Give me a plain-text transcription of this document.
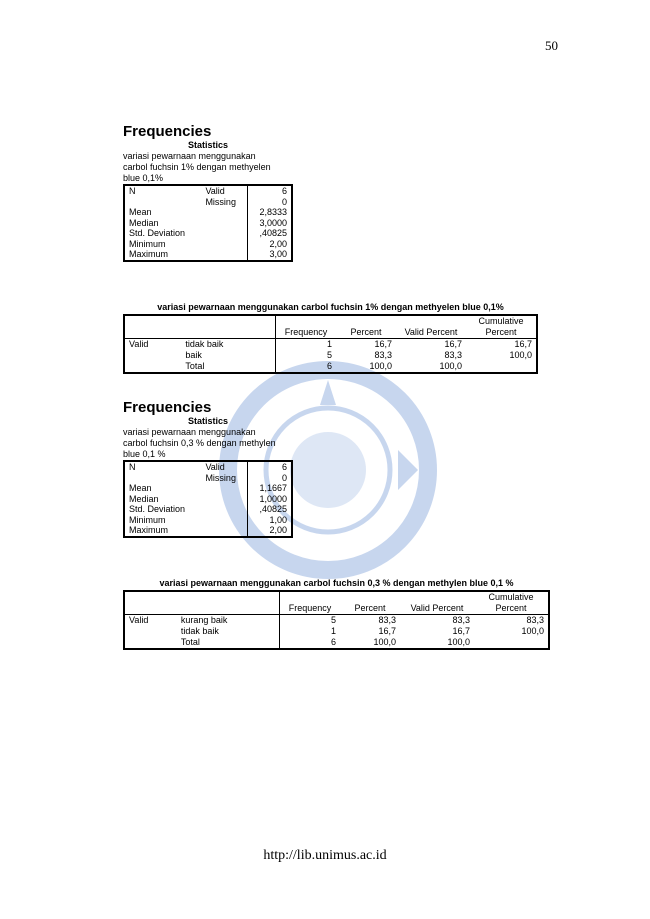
50
Frequencies
Statistics
variasi pewarnaan menggunakan
carbol fuchsin 1% dengan methyelen
blue 0,1%
N	Valid	6
	Missing	0
Mean		2,8333
Median		3,0000
Std. Deviation		,40825
Minimum		2,00
Maximum		3,00
variasi pewarnaan menggunakan carbol fuchsin 1% dengan methyelen blue 0,1%
		Frequency	Percent	Valid Percent	Cumulative Percent
Valid	tidak baik	1	16,7	16,7	16,7
	baik	5	83,3	83,3	100,0
	Total	6	100,0	100,0	
Frequencies
Statistics
variasi pewarnaan menggunakan
carbol fuchsin 0,3 % dengan methylen
blue 0,1 %
N	Valid	6
	Missing	0
Mean		1,1667
Median		1,0000
Std. Deviation		,40825
Minimum		1,00
Maximum		2,00
variasi pewarnaan menggunakan carbol fuchsin 0,3 % dengan methylen blue 0,1 %
		Frequency	Percent	Valid Percent	Cumulative Percent
Valid	kurang baik	5	83,3	83,3	83,3
	tidak baik	1	16,7	16,7	100,0
	Total	6	100,0	100,0	
http://lib.unimus.ac.id
